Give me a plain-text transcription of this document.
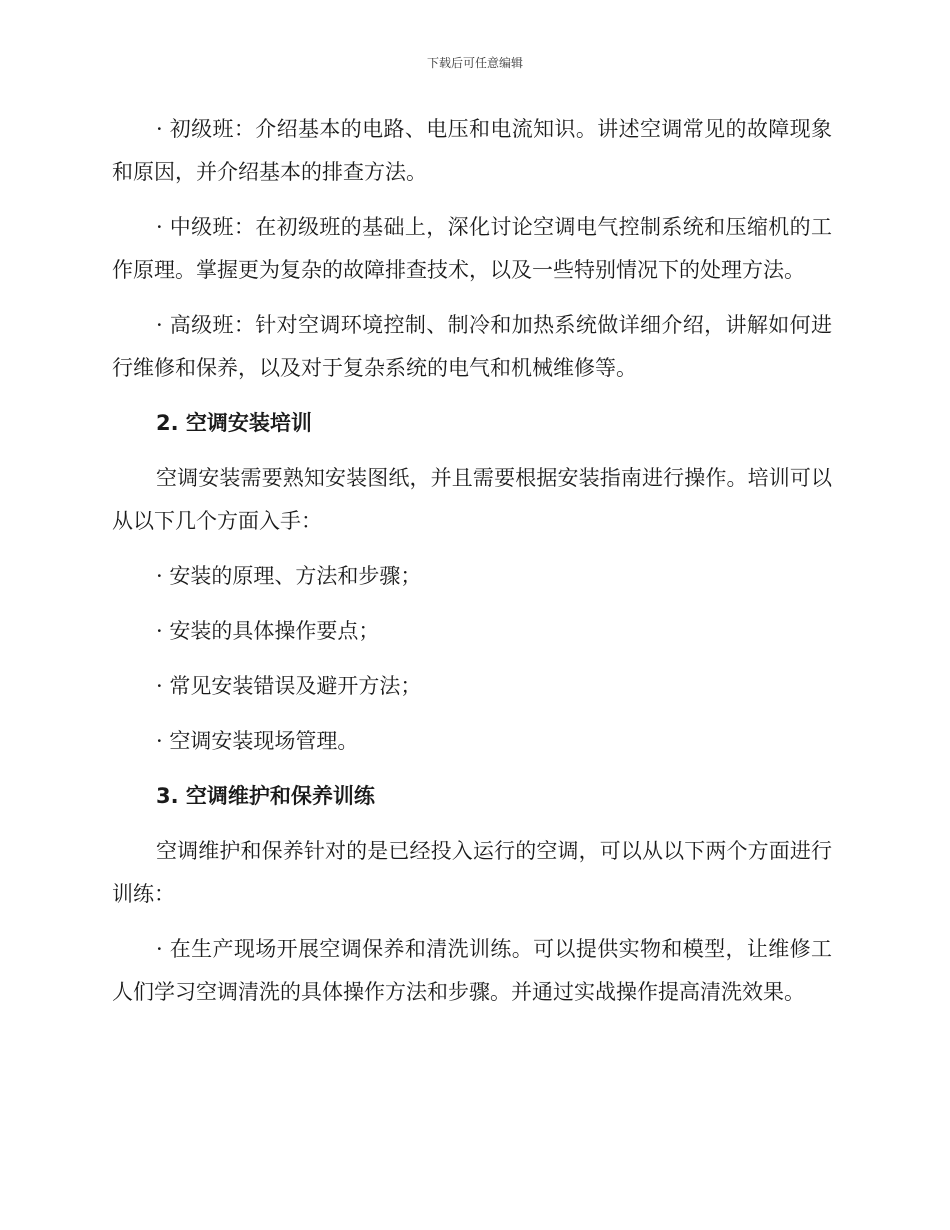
下载后可任意编辑

· 初级班：介绍基本的电路、电压和电流知识。讲述空调常见的故障现象和原因，并介绍基本的排查方法。

· 中级班：在初级班的基础上，深化讨论空调电气控制系统和压缩机的工作原理。掌握更为复杂的故障排查技术，以及一些特别情况下的处理方法。

· 高级班：针对空调环境控制、制冷和加热系统做详细介绍，讲解如何进行维修和保养，以及对于复杂系统的电气和机械维修等。

2. 空调安装培训

空调安装需要熟知安装图纸，并且需要根据安装指南进行操作。培训可以从以下几个方面入手：

· 安装的原理、方法和步骤；

· 安装的具体操作要点；

· 常见安装错误及避开方法；

· 空调安装现场管理。

3. 空调维护和保养训练

空调维护和保养针对的是已经投入运行的空调，可以从以下两个方面进行训练：

· 在生产现场开展空调保养和清洗训练。可以提供实物和模型，让维修工人们学习空调清洗的具体操作方法和步骤。并通过实战操作提高清洗效果。
